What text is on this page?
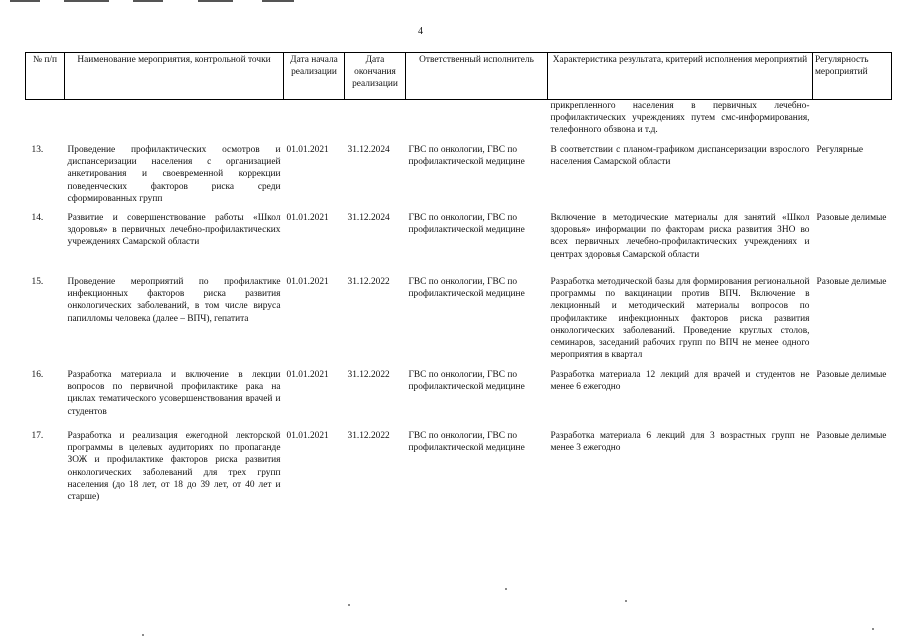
4
№ п/п	Наименование мероприятия, контрольной точки	Дата начала реализации	Дата окончания реализации	Ответственный исполнитель	Характеристика результата, критерий исполнения мероприятий	Регулярность мероприятий
					прикрепленного населения в первичных лечебно-профилактических учреждениях путем смс-информирования, телефонного обзвона и т.д.	
13.	Проведение профилактических осмотров и диспансеризации населения с организацией анкетирования и своевременной коррекции поведенческих факторов риска среди сформированных групп	01.01.2021	31.12.2024	ГВС по онкологии, ГВС по профилактической медицине	В соответствии с планом-графиком диспансеризации взрослого населения Самарской области	Регулярные
14.	Развитие и совершенствование работы «Школ здоровья» в первичных лечебно-профилактических учреждениях Самарской области	01.01.2021	31.12.2024	ГВС по онкологии, ГВС по профилактической медицине	Включение в методические материалы для занятий «Школ здоровья» информации по факторам риска развития ЗНО во всех первичных лечебно-профилактических учреждениях и центрах здоровья Самарской области	Разовые делимые
15.	Проведение мероприятий по профилактике инфекционных факторов риска развития онкологических заболеваний, в том числе вируса папилломы человека (далее – ВПЧ), гепатита	01.01.2021	31.12.2022	ГВС по онкологии, ГВС по профилактической медицине	Разработка методической базы для формирования региональной программы по вакцинации против ВПЧ. Включение в лекционный и методический материалы вопросов по профилактике инфекционных факторов риска развития онкологических заболеваний. Проведение круглых столов, семинаров, заседаний рабочих групп по ВПЧ не менее одного мероприятия в квартал	Разовые делимые
16.	Разработка материала и включение в лекции вопросов по первичной профилактике рака на циклах тематического усовершенствования врачей и студентов	01.01.2021	31.12.2022	ГВС по онкологии, ГВС по профилактической медицине	Разработка материала 12 лекций для врачей и студентов не менее 6 ежегодно	Разовые делимые
17.	Разработка и реализация ежегодной лекторской программы в целевых аудиториях по пропаганде ЗОЖ и профилактике факторов риска развития онкологических заболеваний для трех групп населения (до 18 лет, от 18 до 39 лет, от 40 лет и старше)	01.01.2021	31.12.2022	ГВС по онкологии, ГВС по профилактической медицине	Разработка материала 6 лекций для 3 возрастных групп не менее 3 ежегодно	Разовые делимые
